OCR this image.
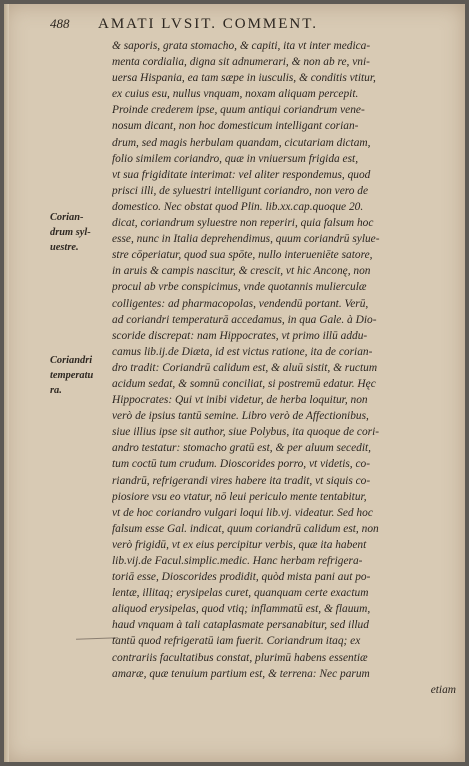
488 AMATI LVSIT. COMMENT.
Corian-
drum syl-
uestre.
Coriandri
temperatu
ra.
& saporis, grata stomacho, & capiti, ita vt inter medica-
menta cordialia, digna sit adnumerari, & non ab re, vni-
uersa Hispania, ea tam sæpe in iusculis, & conditis vtitur,
ex cuius esu, nullus vnquam, noxam aliquam percepit.
Proinde crederem ipse, quum antiqui coriandrum vene-
nosum dicant, non hoc domesticum intelligant corian-
drum, sed magis herbulam quandam, cicutariam dictam,
folio similem coriandro, quæ in vniuersum frigida est,
vt sua frigiditate interimat: vel aliter respondemus, quod
prisci illi, de syluestri intelligunt coriandro, non vero de
domestico. Nec obstat quod Plin. lib.xx.cap.quoque 20.
dicat, coriandrum syluestre non reperiri, quia falsum hoc
esse, nunc in Italia deprehendimus, quum coriandrū sylue-
stre cōperiatur, quod sua spōte, nullo interueniēte satore,
in aruis & campis nascitur, & crescit, vt hic Anconę, non
procul ab vrbe conspicimus, vnde quotannis mulierculæ
colligentes: ad pharmacopolas, vendendū portant. Verū,
ad coriandri temperaturā accedamus, in qua Gale. à Dio-
scoride discrepat: nam Hippocrates, vt primo illū addu-
camus lib.ij.de Diæta, id est victus ratione, ita de corian-
dro tradit: Coriandrū calidum est, & aluū sistit, & ructum
acidum sedat, & somnū conciliat, si postremū edatur. Hęc
Hippocrates: Qui vt inibi videtur, de herba loquitur, non
verò de ipsius tantū semine. Libro verò de Affectionibus,
siue illius ipse sit author, siue Polybus, ita quoque de cori-
andro testatur: stomacho gratū est, & per aluum secedit,
tum coctū tum crudum. Dioscorides porro, vt videtis, co-
riandrū, refrigerandi vires habere ita tradit, vt siquis co-
piosiore vsu eo vtatur, nō leui periculo mente tentabitur,
vt de hoc coriandro vulgari loqui lib.vj. videatur. Sed hoc
falsum esse Gal. indicat, quum coriandrū calidum est, non
verò frigidū, vt ex eius percipitur verbis, quæ ita habent
lib.vij.de Facul.simplic.medic. Hanc herbam refrigera-
toriā esse, Dioscorides prodidit, quòd mista pani aut po-
lentæ, illitaq; erysipelas curet, quanquam certe exactum
aliquod erysipelas, quod vtiq; inflammatū est, & flauum,
haud vnquam à tali cataplasmate persanabitur, sed illud
tantū quod refrigeratū iam fuerit. Coriandrum itaq; ex
contrariis facultatibus constat, plurimū habens essentiæ
amaræ, quæ tenuium partium est, & terrena: Nec parum
etiam
